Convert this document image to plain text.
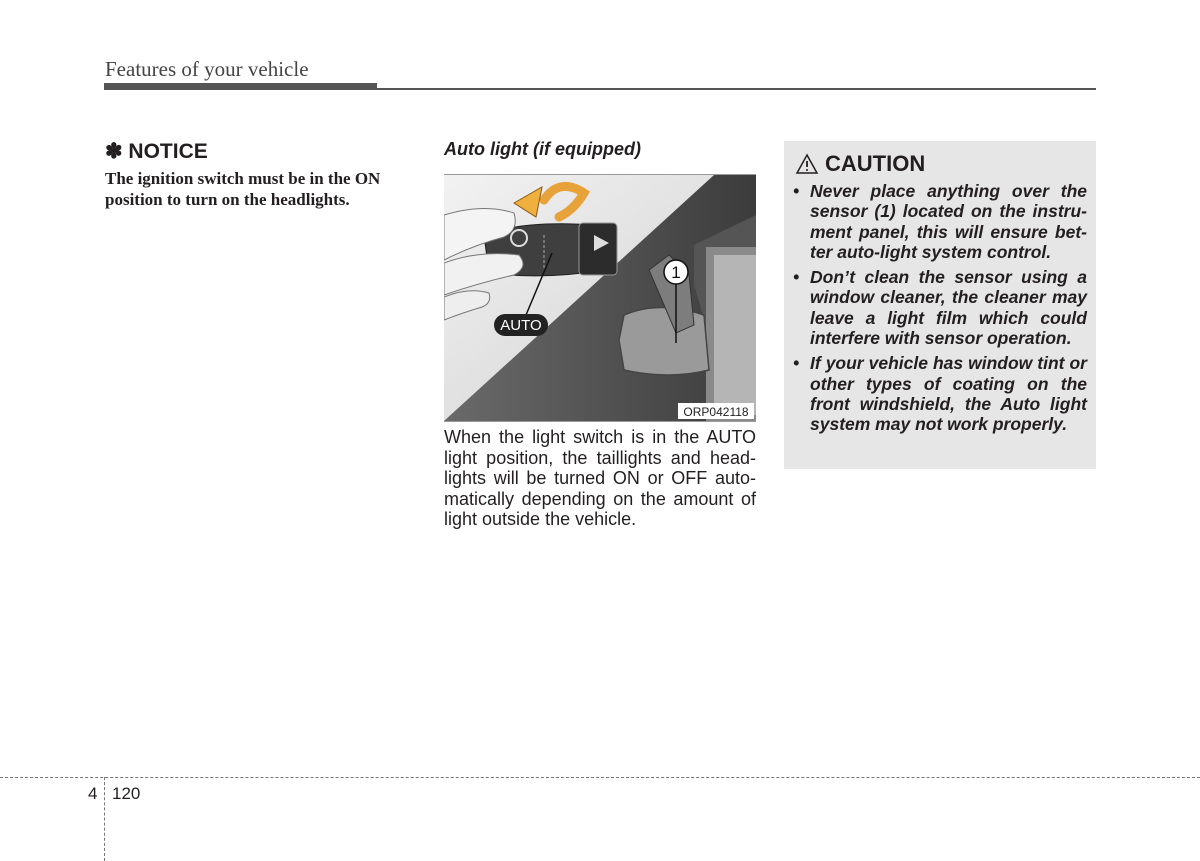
Features of your vehicle
✽ NOTICE
The ignition switch must be in the ON position to turn on the headlights.
Auto light (if equipped)
AUTO
1
ORP042118
When the light switch is in the AUTO light position, the taillights and head-lights will be turned ON or OFF auto-matically depending on the amount of light outside the vehicle.
CAUTION
• Never place anything over the sensor (1) located on the instru-ment panel, this will ensure bet-ter auto-light system control.
• Don’t clean the sensor using a window cleaner, the cleaner may leave a light film which could interfere with sensor operation.
• If your vehicle has window tint or other types of coating on the front windshield, the Auto light system may not work properly.
4 120
